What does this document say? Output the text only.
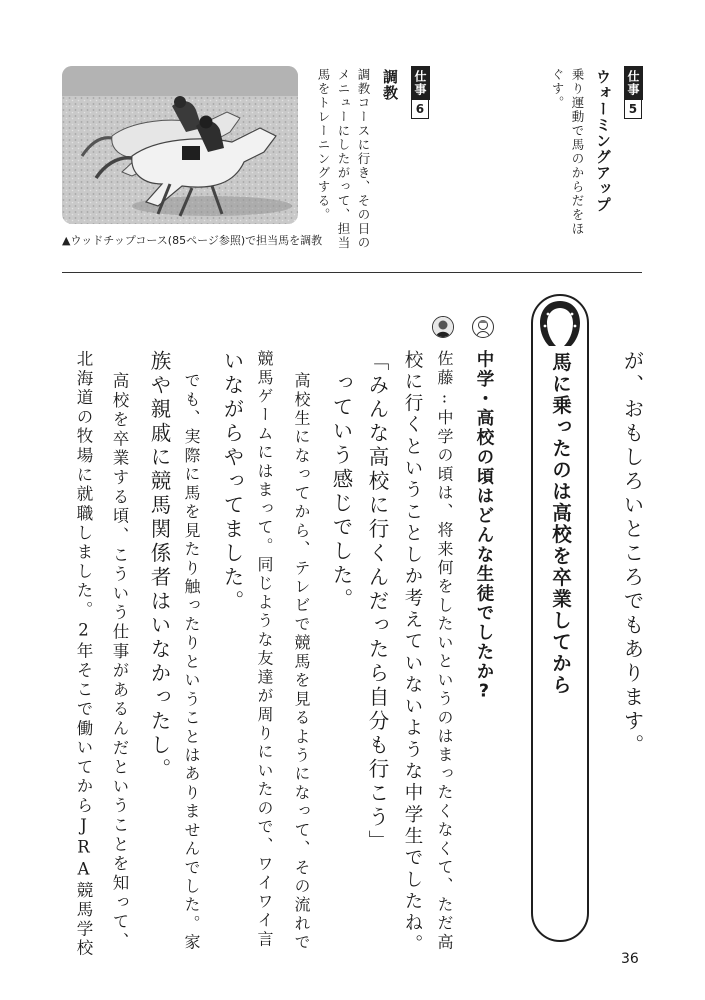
仕事
5
ウォーミングアップ
乗り運動で馬のからだをほ
ぐす。
仕事
6
調教
調教コースに行き、その日の
メニューにしたがって、担当
馬をトレーニングする。
▲ウッドチップコース(85ページ参照)で担当馬を調教
馬に乗ったのは高校を卒業してから
中学・高校の頃はどんな生徒でしたか?	が、おもしろいところでもあります。
佐藤:中学の頃は、将来何をしたいというのはまったくなくて、ただ高
校に行くということしか考えていないような中学生でしたね。
「みんな高校に行くんだったら自分も行こう」
っていう感じでした。
高校生になってから、テレビで競馬を見るようになって、その流れで
競馬ゲームにはまって。同じような友達が周りにいたので、ワイワイ言
いながらやってました。
でも、実際に馬を見たり触ったりということはありませんでした。家
族や親戚に競馬関係者はいなかったし。
高校を卒業する頃、こういう仕事があるんだということを知って、
北海道の牧場に就職しました。2年そこで働いてからJRA競馬学校
36
